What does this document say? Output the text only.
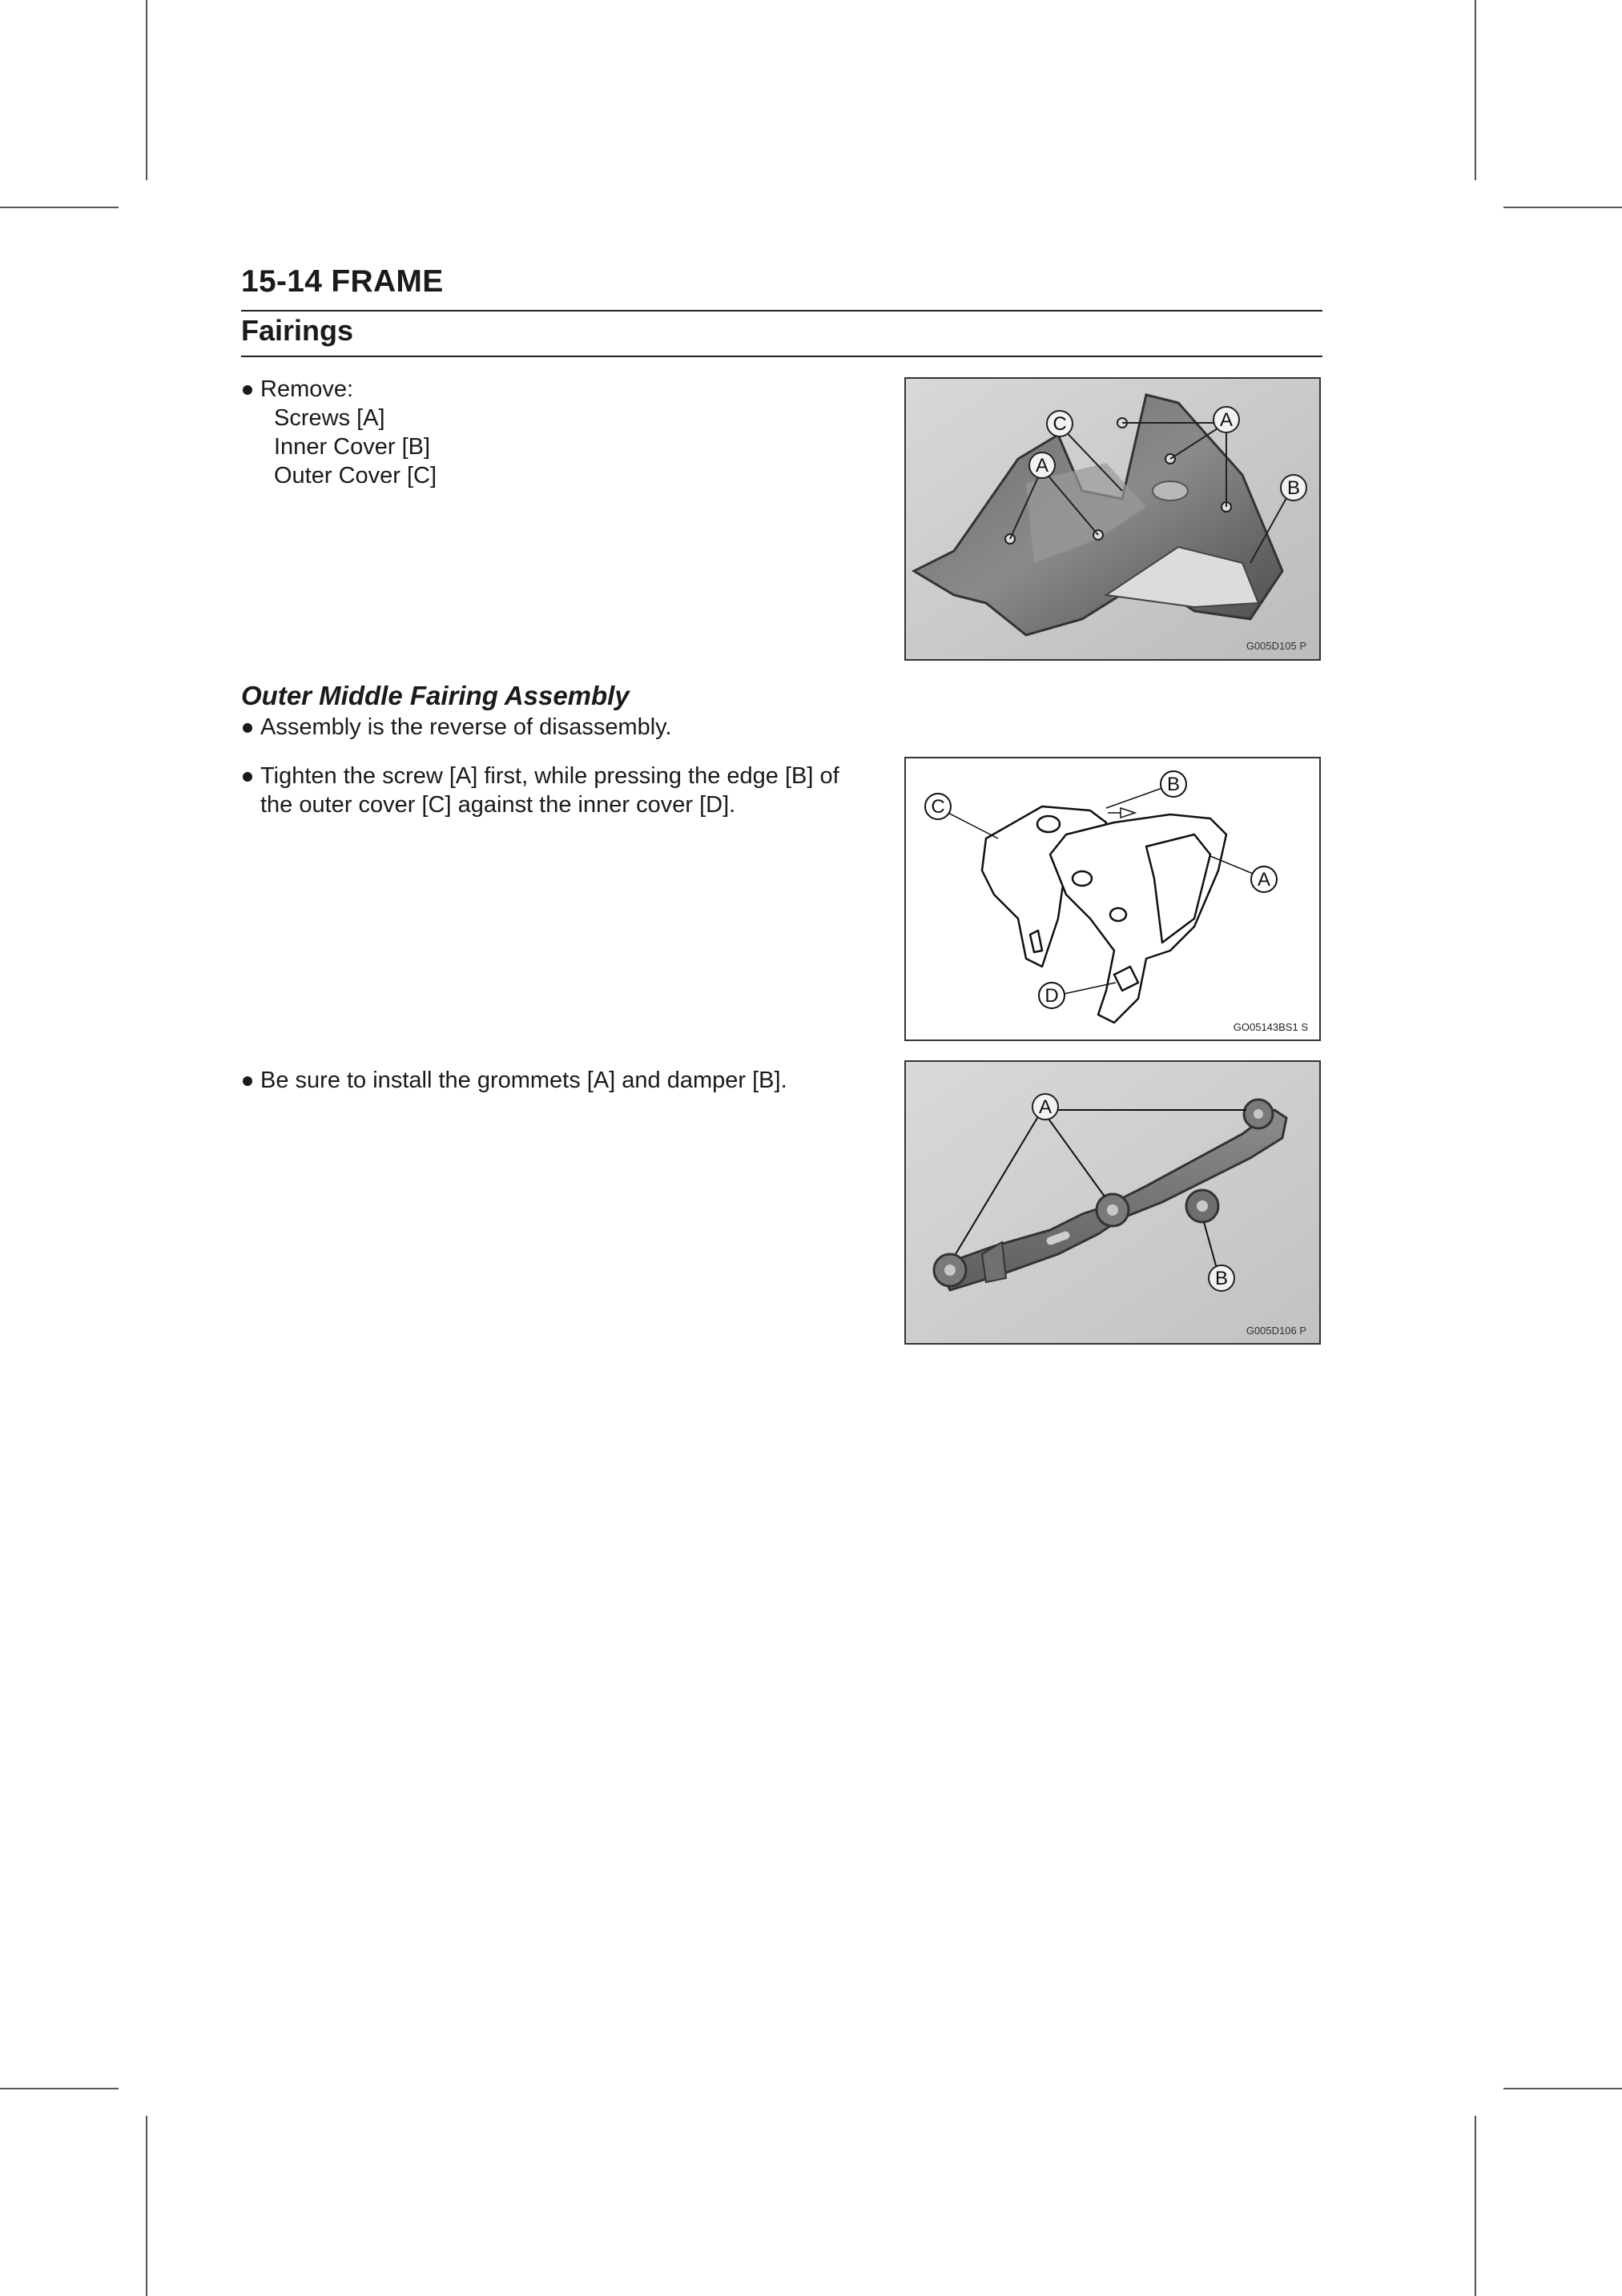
15-14 FRAME
Fairings
Remove:
Screws [A]
Inner Cover [B]
Outer Cover [C]	A
A
B
C
G005D105 P
Outer Middle Fairing Assembly
Assembly is the reverse of disassembly.
Tighten the screw [A] first, while pressing the edge [B] of
the outer cover [C] against the inner cover [D].
B
C
A
D
GO05143BS1 S
Be sure to install the grommets [A] and damper [B].
A
B
G005D106 P
